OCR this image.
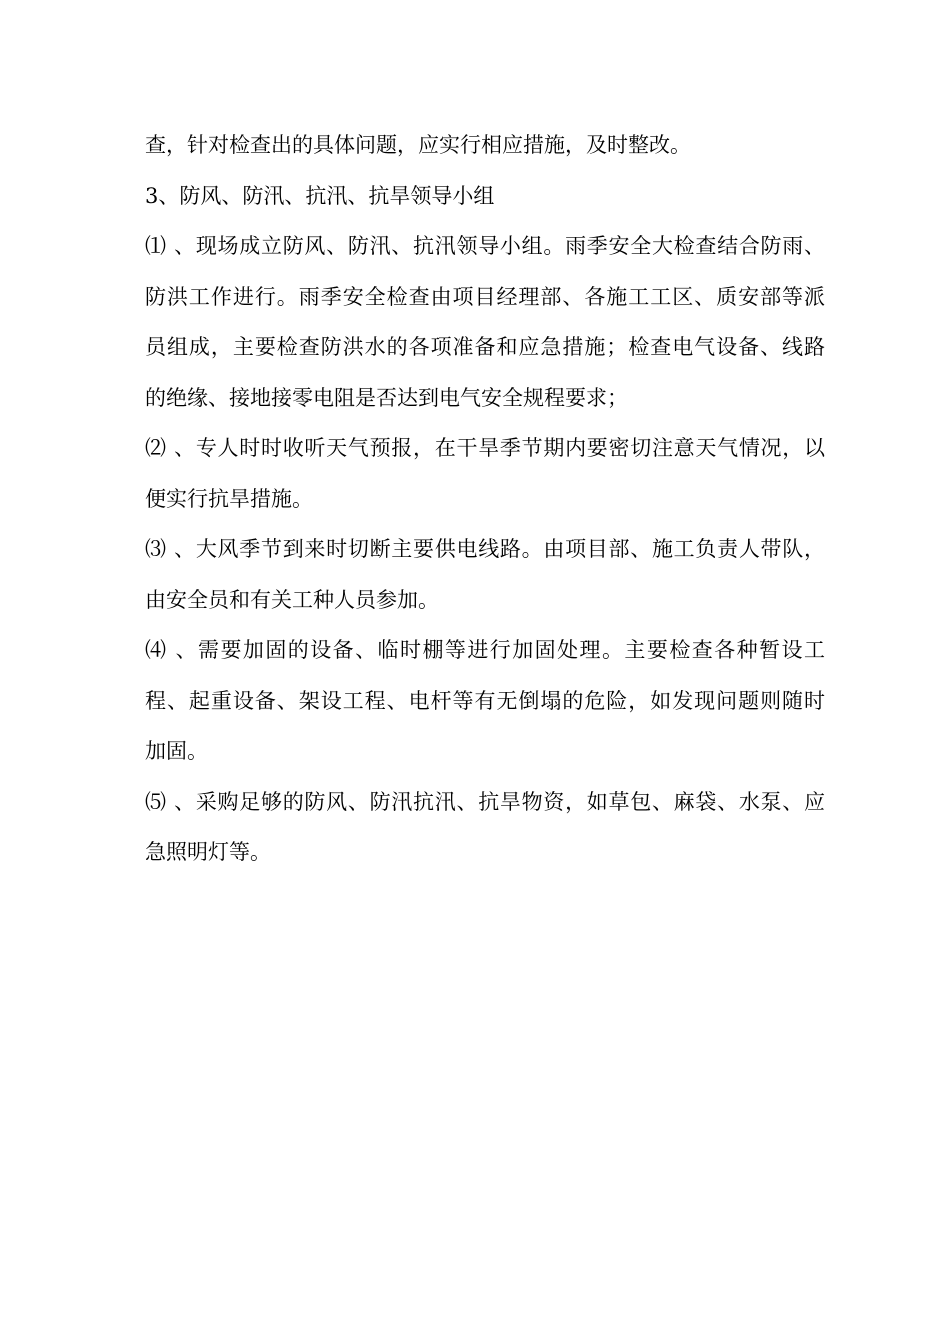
查，针对检查出的具体问题，应实行相应措施，及时整改。
3、防风、防汛、抗汛、抗旱领导小组
⑴ 、现场成立防风、防汛、抗汛领导小组。雨季安全大检查结合防雨、
防洪工作进行。雨季安全检查由项目经理部、各施工工区、质安部等派
员组成，主要检查防洪水的各项准备和应急措施；检查电气设备、线路
的绝缘、接地接零电阻是否达到电气安全规程要求；
⑵ 、专人时时收听天气预报，在干旱季节期内要密切注意天气情况，以
便实行抗旱措施。
⑶ 、大风季节到来时切断主要供电线路。由项目部、施工负责人带队，
由安全员和有关工种人员参加。
⑷ 、需要加固的设备、临时棚等进行加固处理。主要检查各种暂设工
程、起重设备、架设工程、电杆等有无倒塌的危险，如发现问题则随时
加固。
⑸ 、采购足够的防风、防汛抗汛、抗旱物资，如草包、麻袋、水泵、应
急照明灯等。
